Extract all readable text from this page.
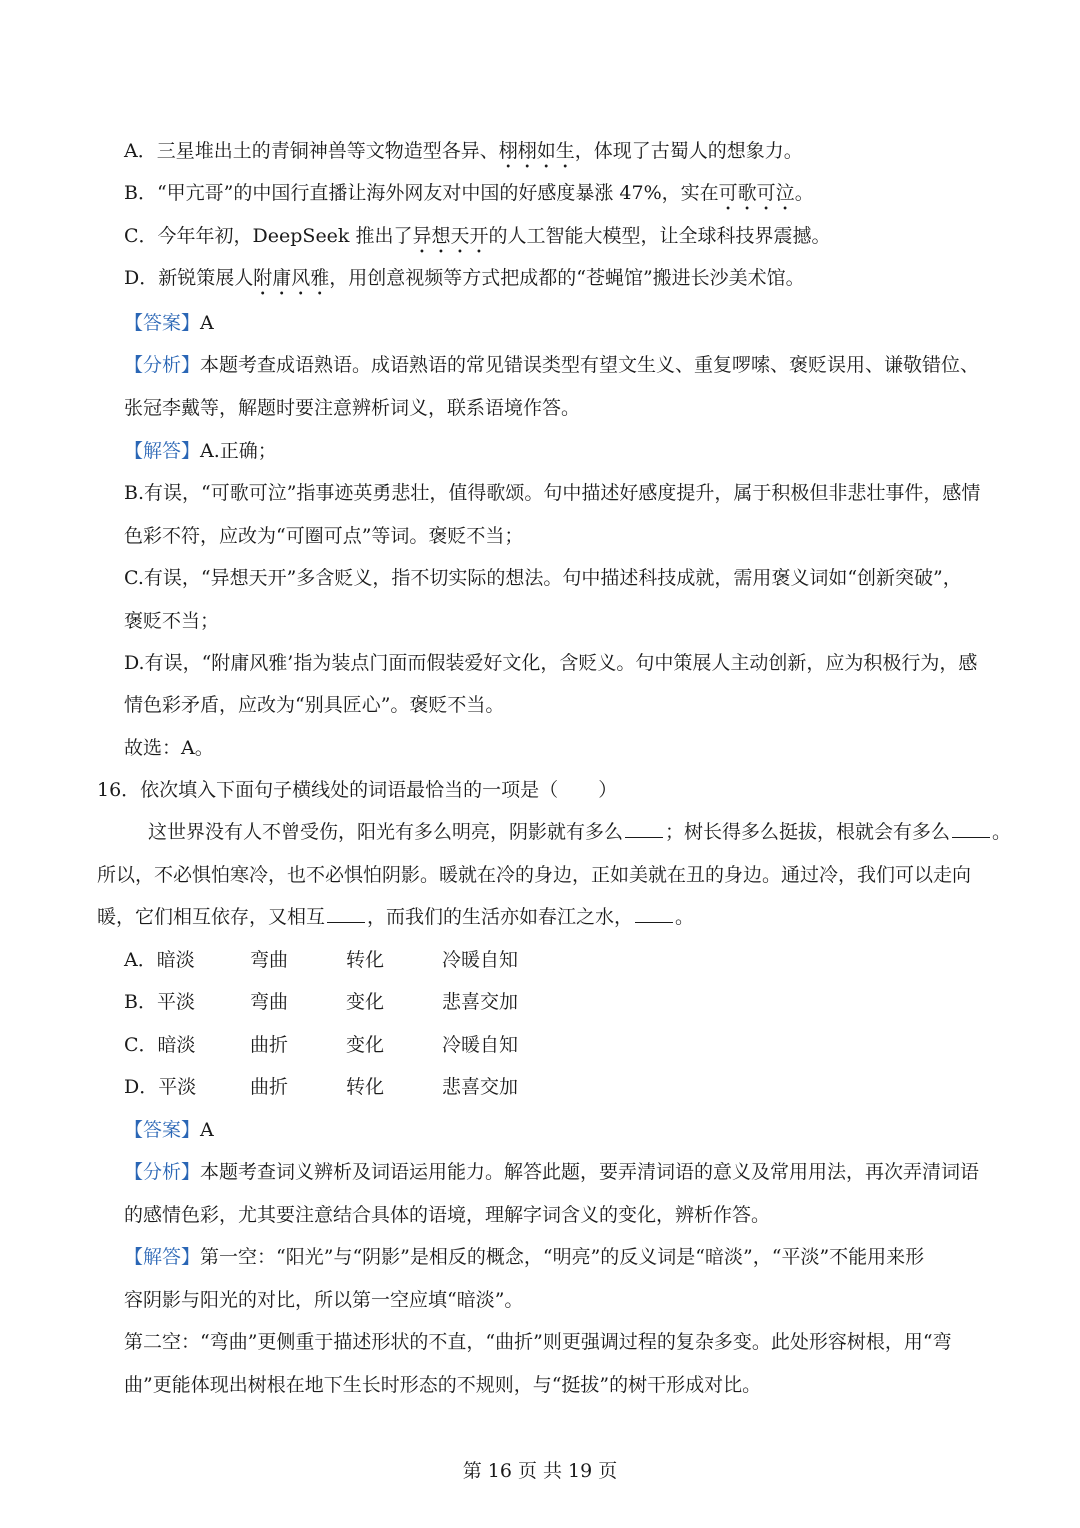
A．三星堆出土的青铜神兽等文物造型各异、栩栩如生，体现了古蜀人的想象力。
B．“甲亢哥”的中国行直播让海外网友对中国的好感度暴涨 47%，实在可歌可泣。
C．今年年初，DeepSeek 推出了异想天开的人工智能大模型，让全球科技界震撼。
D．新锐策展人附庸风雅，用创意视频等方式把成都的“苍蝇馆”搬进长沙美术馆。
【答案】A
【分析】本题考查成语熟语。成语熟语的常见错误类型有望文生义、重复啰嗦、褒贬误用、谦敬错位、
张冠李戴等，解题时要注意辨析词义，联系语境作答。
【解答】A.正确；
B.有误，“可歌可泣”指事迹英勇悲壮，值得歌颂。句中描述好感度提升，属于积极但非悲壮事件，感情
色彩不符，应改为“可圈可点”等词。褒贬不当；
C.有误，“异想天开”多含贬义，指不切实际的想法。句中描述科技成就，需用褒义词如“创新突破”，
褒贬不当；
D.有误，“附庸风雅’指为装点门面而假装爱好文化，含贬义。句中策展人主动创新，应为积极行为，感
情色彩矛盾，应改为“别具匠心”。褒贬不当。
故选：A。
16．依次填入下面句子横线处的词语最恰当的一项是（ ）
这世界没有人不曾受伤，阳光有多么明亮，阴影就有多么 ；树长得多么挺拔，根就会有多么 。
所以，不必惧怕寒冷，也不必惧怕阴影。暖就在冷的身边，正如美就在丑的身边。通过冷，我们可以走向
暖，它们相互依存，又相互 ，而我们的生活亦如春江之水， 。
A．暗淡	弯曲	转化	冷暖自知
B．平淡	弯曲	变化	悲喜交加
C．暗淡	曲折	变化	冷暖自知
D．平淡	曲折	转化	悲喜交加
【答案】A
【分析】本题考查词义辨析及词语运用能力。解答此题，要弄清词语的意义及常用用法，再次弄清词语
的感情色彩，尤其要注意结合具体的语境，理解字词含义的变化，辨析作答。
【解答】第一空：“阳光”与“阴影”是相反的概念，“明亮”的反义词是“暗淡”，“平淡”不能用来形
容阴影与阳光的对比，所以第一空应填“暗淡”。
第二空：“弯曲”更侧重于描述形状的不直，“曲折”则更强调过程的复杂多变。此处形容树根，用“弯
曲”更能体现出树根在地下生长时形态的不规则，与“挺拔”的树干形成对比。
第 16 页 共 19 页
